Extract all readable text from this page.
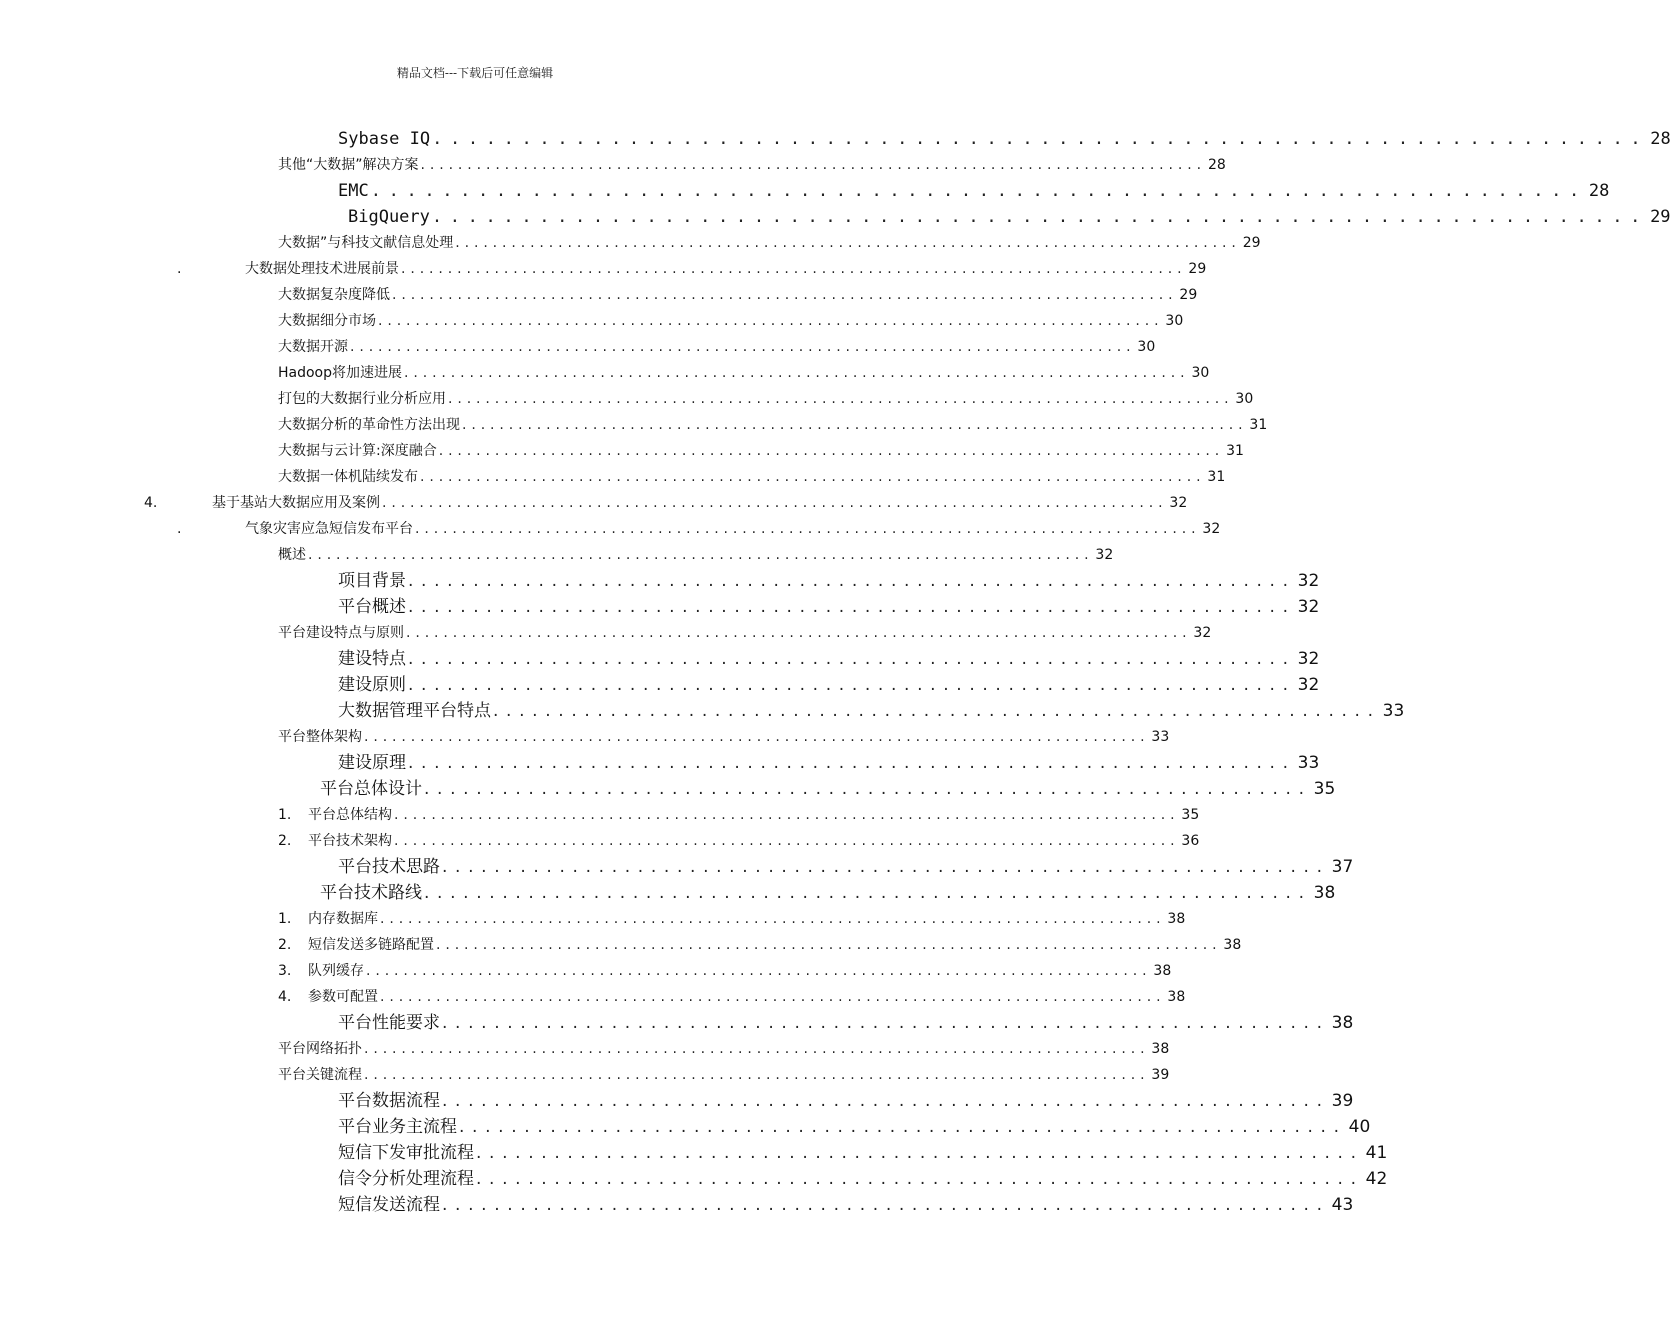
精品文档---下载后可任意编辑
Sybase IQ .................................................................... 28
其他“大数据”解决方案 .................................................................................... 28
EMC .................................................................... 28
BigQuery .................................................................... 29
大数据”与科技文献信息处理 .................................................................................... 29
.	大数据处理技术进展前景 .................................................................................... 29
大数据复杂度降低 .................................................................................... 29
大数据细分市场 .................................................................................... 30
大数据开源 .................................................................................... 30
Hadoop将加速进展 .................................................................................... 30
打包的大数据行业分析应用 .................................................................................... 30
大数据分析的革命性方法出现 .................................................................................... 31
大数据与云计算:深度融合 .................................................................................... 31
大数据一体机陆续发布 .................................................................................... 31
4.	基于基站大数据应用及案例 .................................................................................... 32
.	气象灾害应急短信发布平台 .................................................................................... 32
概述 .................................................................................... 32
项目背景 .................................................................... 32
平台概述 .................................................................... 32
平台建设特点与原则 .................................................................................... 32
建设特点 .................................................................... 32
建设原则 .................................................................... 32
大数据管理平台特点 .................................................................... 33
平台整体架构 .................................................................................... 33
建设原理 .................................................................... 33
平台总体设计 .................................................................... 35
1. 平台总体结构 .................................................................................... 35
2. 平台技术架构 .................................................................................... 36
平台技术思路 .................................................................... 37
平台技术路线 .................................................................... 38
1. 内存数据库 .................................................................................... 38
2. 短信发送多链路配置 .................................................................................... 38
3. 队列缓存 .................................................................................... 38
4. 参数可配置 .................................................................................... 38
平台性能要求 .................................................................... 38
平台网络拓扑 .................................................................................... 38
平台关键流程 .................................................................................... 39
平台数据流程 .................................................................... 39
平台业务主流程 .................................................................... 40
短信下发审批流程 .................................................................... 41
信令分析处理流程 .................................................................... 42
短信发送流程 .................................................................... 43
